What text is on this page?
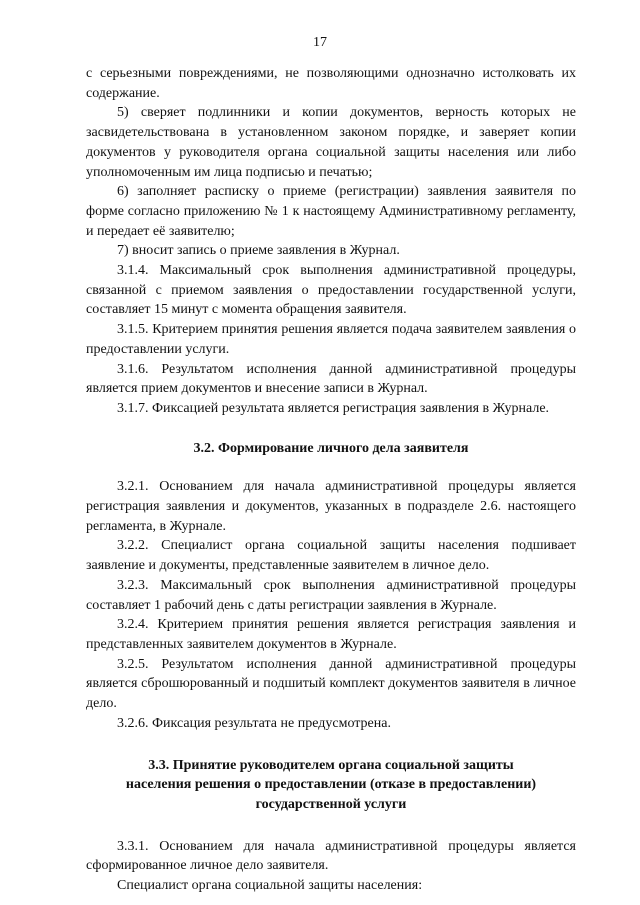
17

с серьезными повреждениями, не позволяющими однозначно истолковать их содержание.

5) сверяет подлинники и копии документов, верность которых не засвидетельствована в установленном законом порядке, и заверяет копии документов у руководителя органа социальной защиты населения или либо уполномоченным им лица подписью и печатью;

6) заполняет расписку о приеме (регистрации) заявления заявителя по форме согласно приложению № 1 к настоящему Административному регламенту, и передает её заявителю;

7) вносит запись о приеме заявления в Журнал.

3.1.4. Максимальный срок выполнения административной процедуры, связанной с приемом заявления о предоставлении государственной услуги, составляет 15 минут с момента обращения заявителя.

3.1.5. Критерием принятия решения является подача заявителем заявления о предоставлении услуги.

3.1.6. Результатом исполнения данной административной процедуры является прием документов и внесение записи в Журнал.

3.1.7. Фиксацией результата является регистрация заявления в Журнале.

3.2. Формирование личного дела заявителя

3.2.1. Основанием для начала административной процедуры является регистрация заявления и документов, указанных в подразделе 2.6. настоящего регламента, в Журнале.

3.2.2. Специалист органа социальной защиты населения подшивает заявление и документы, представленные заявителем в личное дело.

3.2.3. Максимальный срок выполнения административной процедуры составляет 1 рабочий день с даты регистрации заявления в Журнале.

3.2.4. Критерием принятия решения является регистрация заявления и представленных заявителем документов в Журнале.

3.2.5. Результатом исполнения данной административной процедуры является сброшюрованный и подшитый комплект документов заявителя в личное дело.

3.2.6. Фиксация результата не предусмотрена.

3.3. Принятие руководителем органа социальной защиты
населения решения о предоставлении (отказе в предоставлении)
государственной услуги

3.3.1. Основанием для начала административной процедуры является сформированное личное дело заявителя.

Специалист органа социальной защиты населения:
